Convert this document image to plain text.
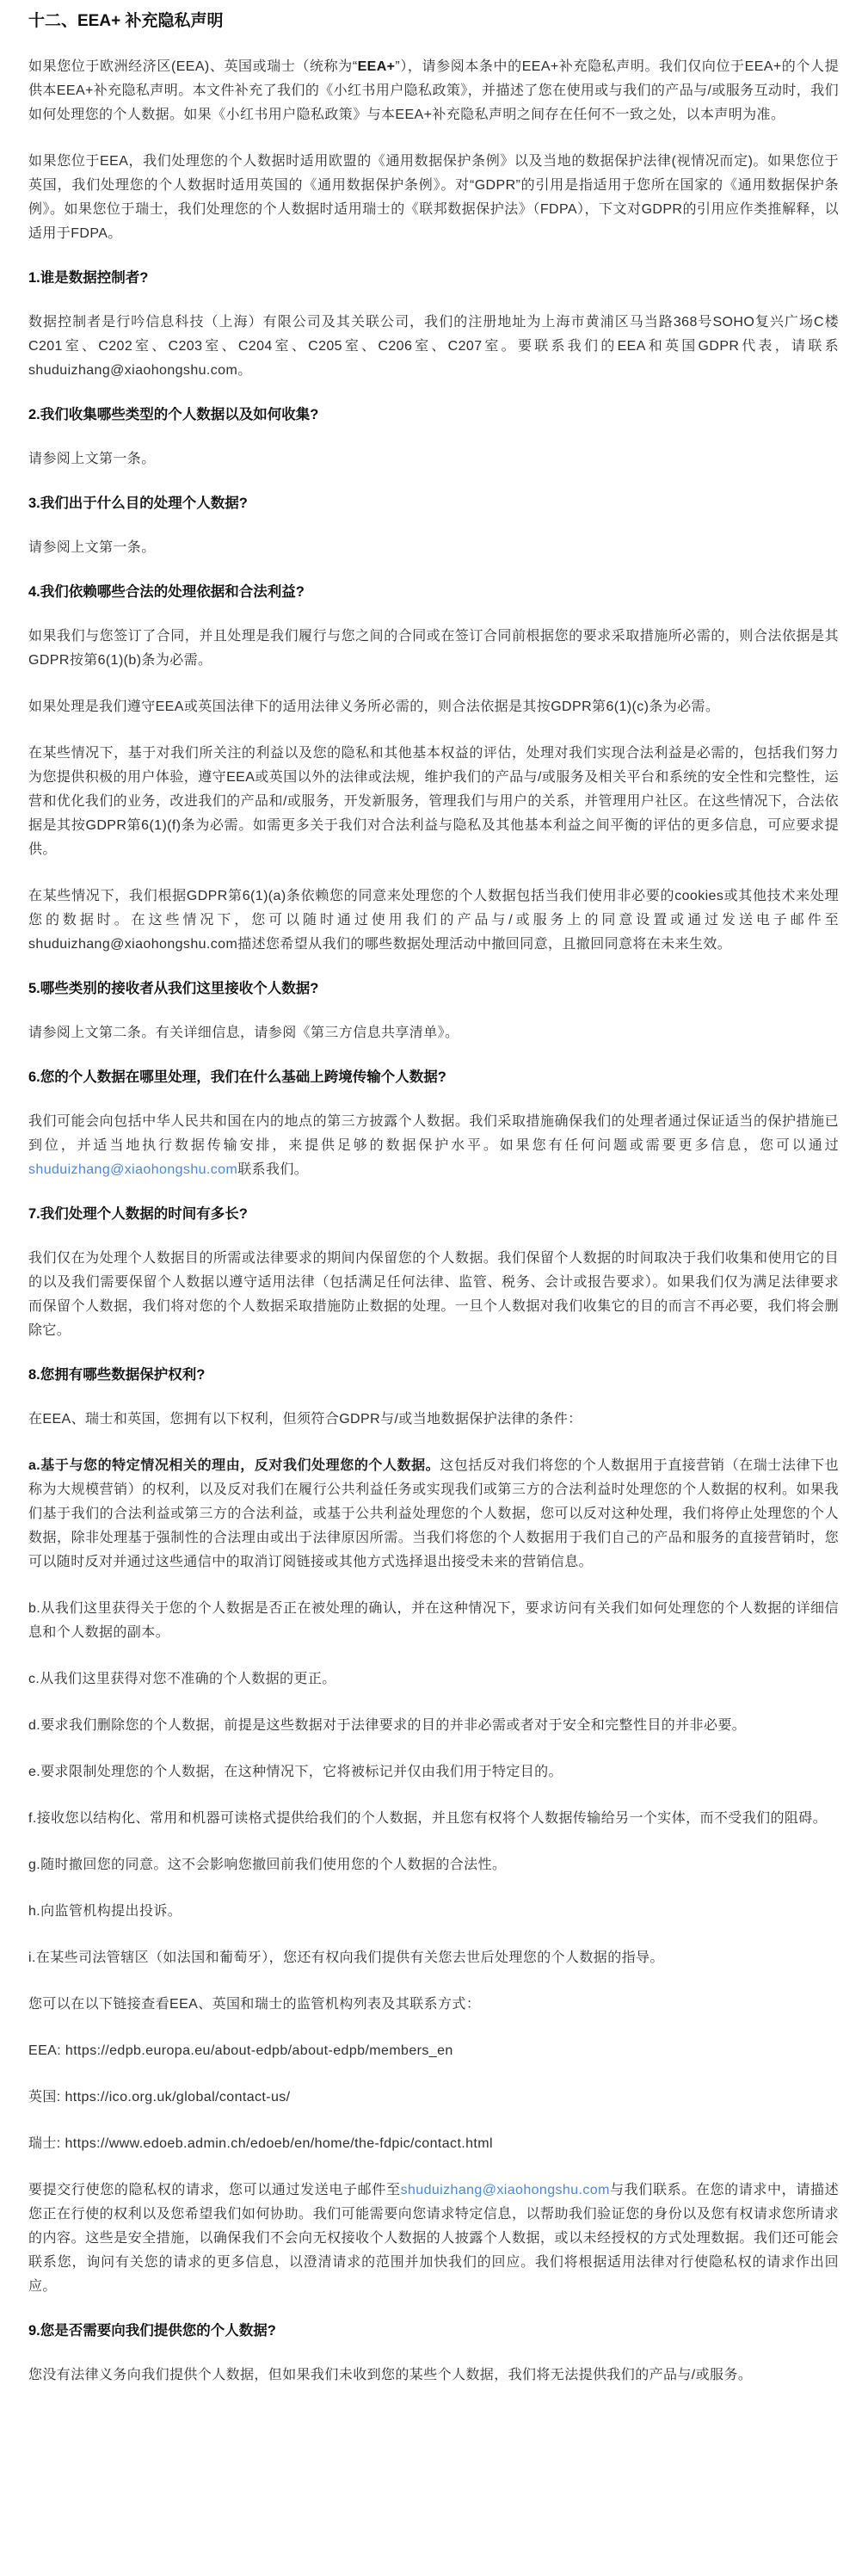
十二、EEA+ 补充隐私声明

如果您位于欧洲经济区(EEA)、英国或瑞士（统称为“EEA+”），请参阅本条中的EEA+补充隐私声明。我们仅向位于EEA+的个人提供本EEA+补充隐私声明。本文件补充了我们的《小红书用户隐私政策》，并描述了您在使用或与我们的产品与/或服务互动时，我们如何处理您的个人数据。如果《小红书用户隐私政策》与本EEA+补充隐私声明之间存在任何不一致之处，以本声明为准。

如果您位于EEA，我们处理您的个人数据时适用欧盟的《通用数据保护条例》以及当地的数据保护法律(视情况而定)。如果您位于英国，我们处理您的个人数据时适用英国的《通用数据保护条例》。对“GDPR”的引用是指适用于您所在国家的《通用数据保护条例》。如果您位于瑞士，我们处理您的个人数据时适用瑞士的《联邦数据保护法》（FDPA），下文对GDPR的引用应作类推解释，以适用于FDPA。

1.谁是数据控制者?

数据控制者是行吟信息科技（上海）有限公司及其关联公司，我们的注册地址为上海市黄浦区马当路368号SOHO复兴广场C楼C201室、C202室、C203室、C204室、C205室、C206室、C207室。要联系我们的EEA和英国GDPR代表，请联系shuduizhang@xiaohongshu.com。

2.我们收集哪些类型的个人数据以及如何收集?

请参阅上文第一条。

3.我们出于什么目的处理个人数据?

请参阅上文第一条。

4.我们依赖哪些合法的处理依据和合法利益?

如果我们与您签订了合同，并且处理是我们履行与您之间的合同或在签订合同前根据您的要求采取措施所必需的，则合法依据是其GDPR按第6(1)(b)条为必需。

如果处理是我们遵守EEA或英国法律下的适用法律义务所必需的，则合法依据是其按GDPR第6(1)(c)条为必需。

在某些情况下，基于对我们所关注的利益以及您的隐私和其他基本权益的评估，处理对我们实现合法利益是必需的，包括我们努力为您提供积极的用户体验，遵守EEA或英国以外的法律或法规，维护我们的产品与/或服务及相关平台和系统的安全性和完整性，运营和优化我们的业务，改进我们的产品和/或服务，开发新服务，管理我们与用户的关系，并管理用户社区。在这些情况下，合法依据是其按GDPR第6(1)(f)条为必需。如需更多关于我们对合法利益与隐私及其他基本利益之间平衡的评估的更多信息，可应要求提供。

在某些情况下，我们根据GDPR第6(1)(a)条依赖您的同意来处理您的个人数据包括当我们使用非必要的cookies或其他技术来处理您的数据时。在这些情况下，您可以随时通过使用我们的产品与/或服务上的同意设置或通过发送电子邮件至shuduizhang@xiaohongshu.com描述您希望从我们的哪些数据处理活动中撤回同意，且撤回同意将在未来生效。

5.哪些类别的接收者从我们这里接收个人数据?

请参阅上文第二条。有关详细信息，请参阅《第三方信息共享清单》。

6.您的个人数据在哪里处理，我们在什么基础上跨境传输个人数据?

我们可能会向包括中华人民共和国在内的地点的第三方披露个人数据。我们采取措施确保我们的处理者通过保证适当的保护措施已到位，并适当地执行数据传输安排，来提供足够的数据保护水平。如果您有任何问题或需要更多信息，您可以通过shuduizhang@xiaohongshu.com联系我们。

7.我们处理个人数据的时间有多长?

我们仅在为处理个人数据目的所需或法律要求的期间内保留您的个人数据。我们保留个人数据的时间取决于我们收集和使用它的目的以及我们需要保留个人数据以遵守适用法律（包括满足任何法律、监管、税务、会计或报告要求）。如果我们仅为满足法律要求而保留个人数据，我们将对您的个人数据采取措施防止数据的处理。一旦个人数据对我们收集它的目的而言不再必要，我们将会删除它。

8.您拥有哪些数据保护权利?

在EEA、瑞士和英国，您拥有以下权利，但须符合GDPR与/或当地数据保护法律的条件：

a.基于与您的特定情况相关的理由，反对我们处理您的个人数据。这包括反对我们将您的个人数据用于直接营销（在瑞士法律下也称为大规模营销）的权利，以及反对我们在履行公共利益任务或实现我们或第三方的合法利益时处理您的个人数据的权利。如果我们基于我们的合法利益或第三方的合法利益，或基于公共利益处理您的个人数据，您可以反对这种处理，我们将停止处理您的个人数据，除非处理基于强制性的合法理由或出于法律原因所需。当我们将您的个人数据用于我们自己的产品和服务的直接营销时，您可以随时反对并通过这些通信中的取消订阅链接或其他方式选择退出接受未来的营销信息。

b.从我们这里获得关于您的个人数据是否正在被处理的确认，并在这种情况下，要求访问有关我们如何处理您的个人数据的详细信息和个人数据的副本。

c.从我们这里获得对您不准确的个人数据的更正。

d.要求我们删除您的个人数据，前提是这些数据对于法律要求的目的并非必需或者对于安全和完整性目的并非必要。

e.要求限制处理您的个人数据，在这种情况下，它将被标记并仅由我们用于特定目的。

f.接收您以结构化、常用和机器可读格式提供给我们的个人数据，并且您有权将个人数据传输给另一个实体，而不受我们的阻碍。

g.随时撤回您的同意。这不会影响您撤回前我们使用您的个人数据的合法性。

h.向监管机构提出投诉。

i.在某些司法管辖区（如法国和葡萄牙），您还有权向我们提供有关您去世后处理您的个人数据的指导。

您可以在以下链接查看EEA、英国和瑞士的监管机构列表及其联系方式：

EEA: https://edpb.europa.eu/about-edpb/about-edpb/members_en

英国: https://ico.org.uk/global/contact-us/

瑞士: https://www.edoeb.admin.ch/edoeb/en/home/the-fdpic/contact.html

要提交行使您的隐私权的请求，您可以通过发送电子邮件至shuduizhang@xiaohongshu.com与我们联系。在您的请求中，请描述您正在行使的权利以及您希望我们如何协助。我们可能需要向您请求特定信息，以帮助我们验证您的身份以及您有权请求您所请求的内容。这些是安全措施，以确保我们不会向无权接收个人数据的人披露个人数据，或以未经授权的方式处理数据。我们还可能会联系您，询问有关您的请求的更多信息，以澄清请求的范围并加快我们的回应。我们将根据适用法律对行使隐私权的请求作出回应。

9.您是否需要向我们提供您的个人数据?

您没有法律义务向我们提供个人数据，但如果我们未收到您的某些个人数据，我们将无法提供我们的产品与/或服务。
